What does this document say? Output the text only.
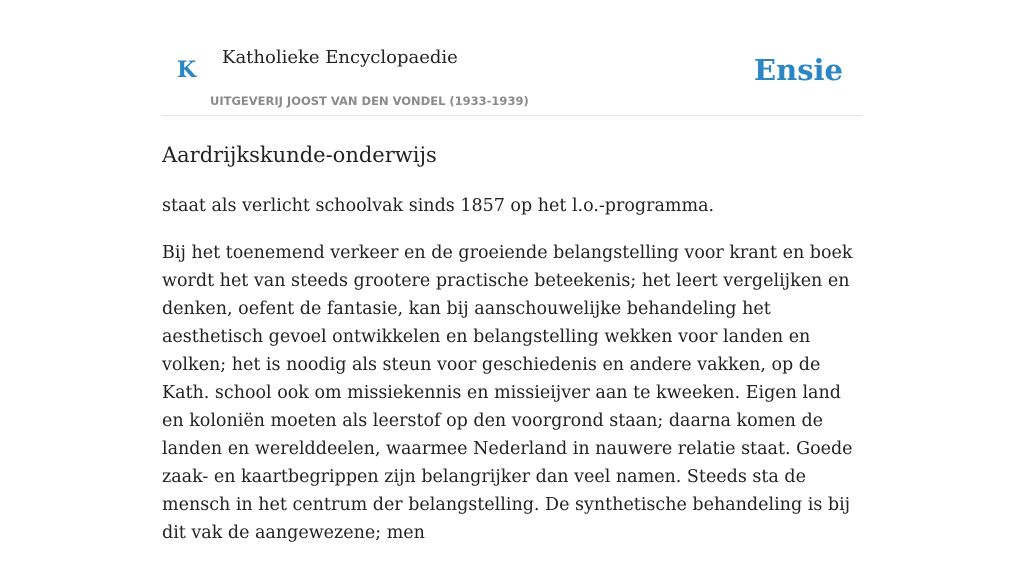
K Katholieke Encyclopaedie
UITGEVERIJ JOOST VAN DEN VONDEL (1933-1939)
Ensie
Aardrijkskunde-onderwijs

staat als verlicht schoolvak sinds 1857 op het l.o.-programma.

Bij het toenemend verkeer en de groeiende belangstelling voor krant en boek wordt het van steeds grootere practische beteekenis; het leert vergelijken en denken, oefent de fantasie, kan bij aanschouwelijke behandeling het aesthetisch gevoel ontwikkelen en belangstelling wekken voor landen en volken; het is noodig als steun voor geschiedenis en andere vakken, op de Kath. school ook om missiekennis en missieijver aan te kweeken. Eigen land en koloniën moeten als leerstof op den voorgrond staan; daarna komen de landen en werelddeelen, waarmee Nederland in nauwere relatie staat. Goede zaak- en kaartbegrippen zijn belangrijker dan veel namen. Steeds sta de mensch in het centrum der belangstelling. De synthetische behandeling is bij dit vak de aangewezene; men
